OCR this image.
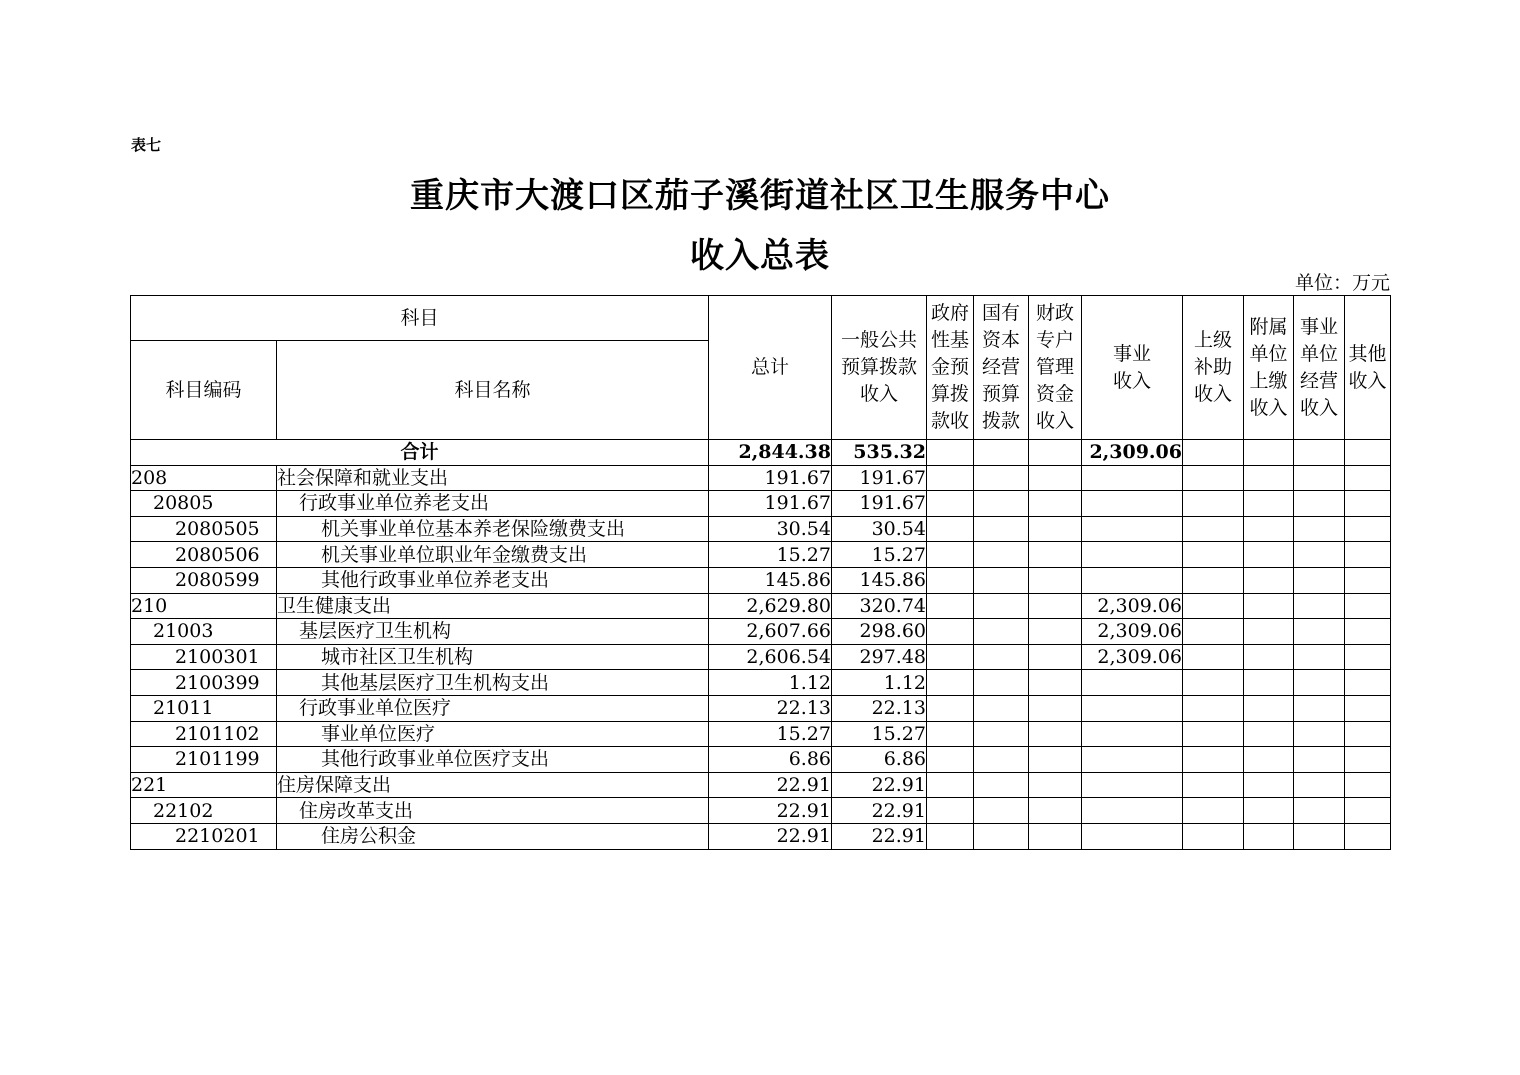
表七
重庆市大渡口区茄子溪街道社区卫生服务中心
收入总表
单位：万元
科目		总计	一般公共预算拨款收入	政府性基金预算拨款收	国有资本经营预算拨款	财政专户管理资金收入	事业收入	上级补助收入	附属单位上缴收入	事业单位经营收入	其他收入

科目编码	科目名称										
合计		2,844.38	535.32				2,309.06				
208	社会保障和就业支出	191.67	191.67								
20805	行政事业单位养老支出	191.67	191.67								
2080505	机关事业单位基本养老保险缴费支出	30.54	30.54								
2080506	机关事业单位职业年金缴费支出	15.27	15.27								
2080599	其他行政事业单位养老支出	145.86	145.86								
210	卫生健康支出	2,629.80	320.74				2,309.06				
21003	基层医疗卫生机构	2,607.66	298.60				2,309.06				
2100301	城市社区卫生机构	2,606.54	297.48				2,309.06				
2100399	其他基层医疗卫生机构支出	1.12	1.12								
21011	行政事业单位医疗	22.13	22.13								
2101102	事业单位医疗	15.27	15.27								
2101199	其他行政事业单位医疗支出	6.86	6.86								
221	住房保障支出	22.91	22.91								
22102	住房改革支出	22.91	22.91								
2210201	住房公积金	22.91	22.91								
